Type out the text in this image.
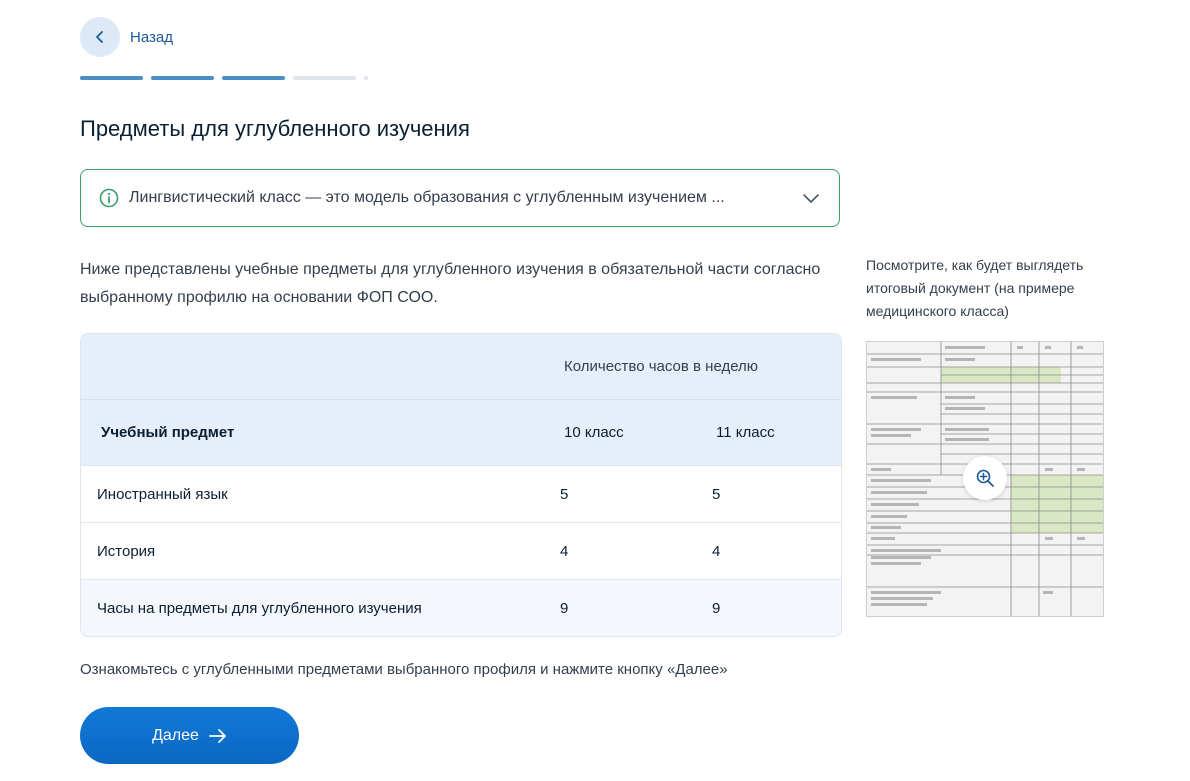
Назад
Предметы для углубленного изучения
Лингвистический класс — это модель образования с углубленным изучением ...

Ниже представлены учебные предметы для углубленного изучения в обязательной части согласно выбранному профилю на основании ФОП СОО.

Количество часов в неделю
Учебный предмет	10 класс	11 класс
Иностранный язык	5	5
История	4	4
Часы на предметы для углубленного изучения	9	9

Ознакомьтесь с углубленными предметами выбранного профиля и нажмите кнопку «Далее»

Далее

Посмотрите, как будет выглядеть итоговый документ (на примере медицинского класса)
